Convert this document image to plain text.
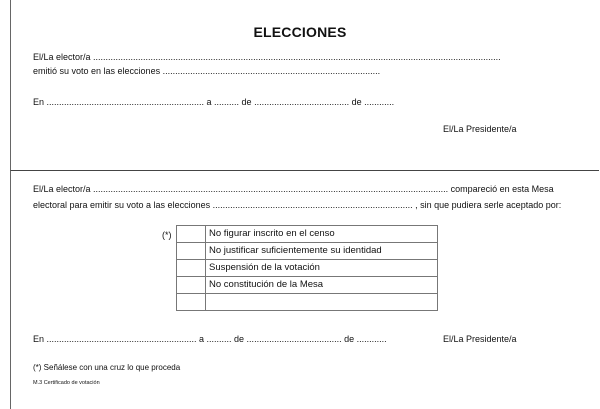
ELECCIONES
El/La elector/a ...................................................................................................................................................................
emitió su voto en las elecciones .......................................................................................
En ............................................................... a .......... de ...................................... de ............
El/La Presidente/a
El/La elector/a .............................................................................................................................................. compareció en esta Mesa
electoral para emitir su voto a las elecciones ................................................................................ , sin que pudiera serle aceptado por:
(*)
		No figurar inscrito en el censo
	No justificar suficientemente su identidad
	Suspensión de la votación
	No constitución de la Mesa

En ............................................................ a .......... de ...................................... de ............	El/La Presidente/a
(*) Señálese con una cruz lo que proceda
M.3 Certificado de votación
